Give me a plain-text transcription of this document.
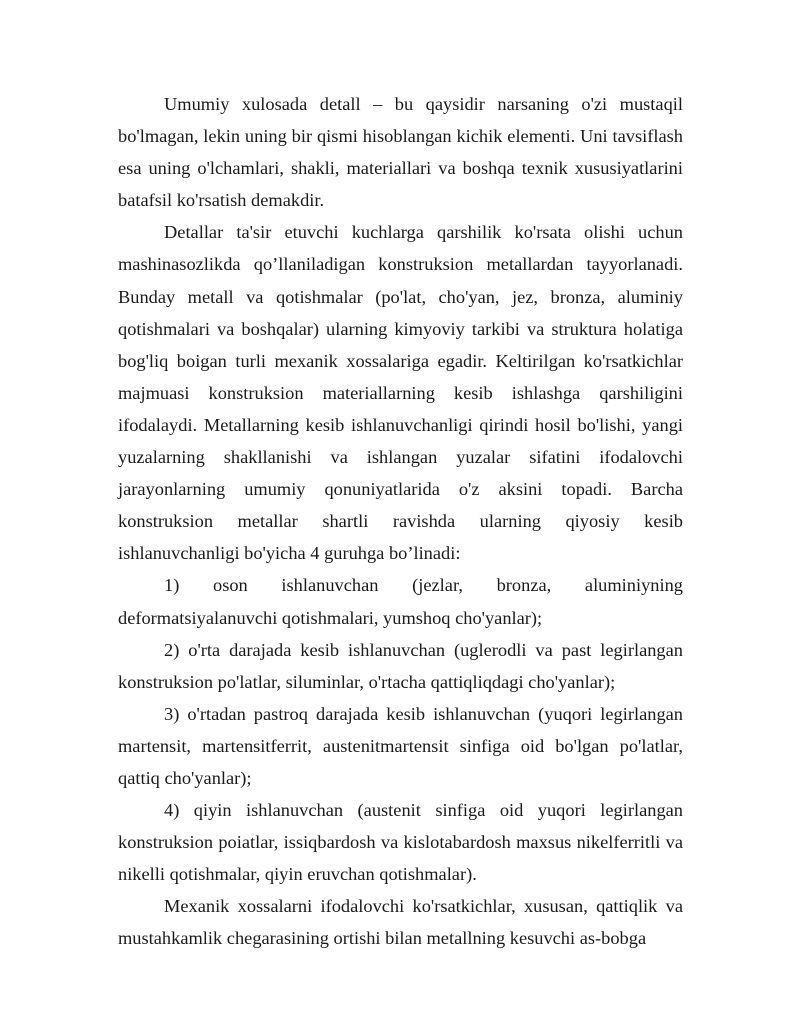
Umumiy xulosada detall – bu qaysidir narsaning o'zi mustaqil bo'lmagan, lekin uning bir qismi hisoblangan kichik elementi. Uni tavsiflash esa uning o'lchamlari, shakli, materiallari va boshqa texnik xususiyatlarini batafsil ko'rsatish demakdir.

Detallar ta'sir etuvchi kuchlarga qarshilik ko'rsata olishi uchun mashinasozlikda qo’llaniladigan konstruksion metallardan tayyorlanadi. Bunday metall va qotishmalar (po'lat, cho'yan, jez, bronza, aluminiy qotishmalari va boshqalar) ularning kimyoviy tarkibi va struktura holatiga bog'liq boigan turli mexanik xossalariga egadir. Keltirilgan ko'rsatkichlar majmuasi konstruksion materiallarning kesib ishlashga qarshiligini ifodalaydi. Metallarning kesib ishlanuvchanligi qirindi hosil bo'lishi, yangi yuzalarning shakllanishi va ishlangan yuzalar sifatini ifodalovchi jarayonlarning umumiy qonuniyatlarida o'z aksini topadi. Barcha konstruksion metallar shartli ravishda ularning qiyosiy kesib ishlanuvchanligi bo'yicha 4 guruhga bo’linadi:

1) oson ishlanuvchan (jezlar, bronza, aluminiyning deformatsiyalanuvchi qotishmalari, yumshoq cho'yanlar);

2) o'rta darajada kesib ishlanuvchan (uglerodli va past legirlangan konstruksion po'latlar, siluminlar, o'rtacha qattiqliqdagi cho'yanlar);

3) o'rtadan pastroq darajada kesib ishlanuvchan (yuqori legirlangan martensit, martensitferrit, austenitmartensit sinfiga oid bo'lgan po'latlar, qattiq cho'yanlar);

4) qiyin ishlanuvchan (austenit sinfiga oid yuqori legirlangan konstruksion poiatlar, issiqbardosh va kislotabardosh maxsus nikelferritli va nikelli qotishmalar, qiyin eruvchan qotishmalar).

Mexanik xossalarni ifodalovchi ko'rsatkichlar, xususan, qattiqlik va mustahkamlik chegarasining ortishi bilan metallning kesuvchi as-bobga
